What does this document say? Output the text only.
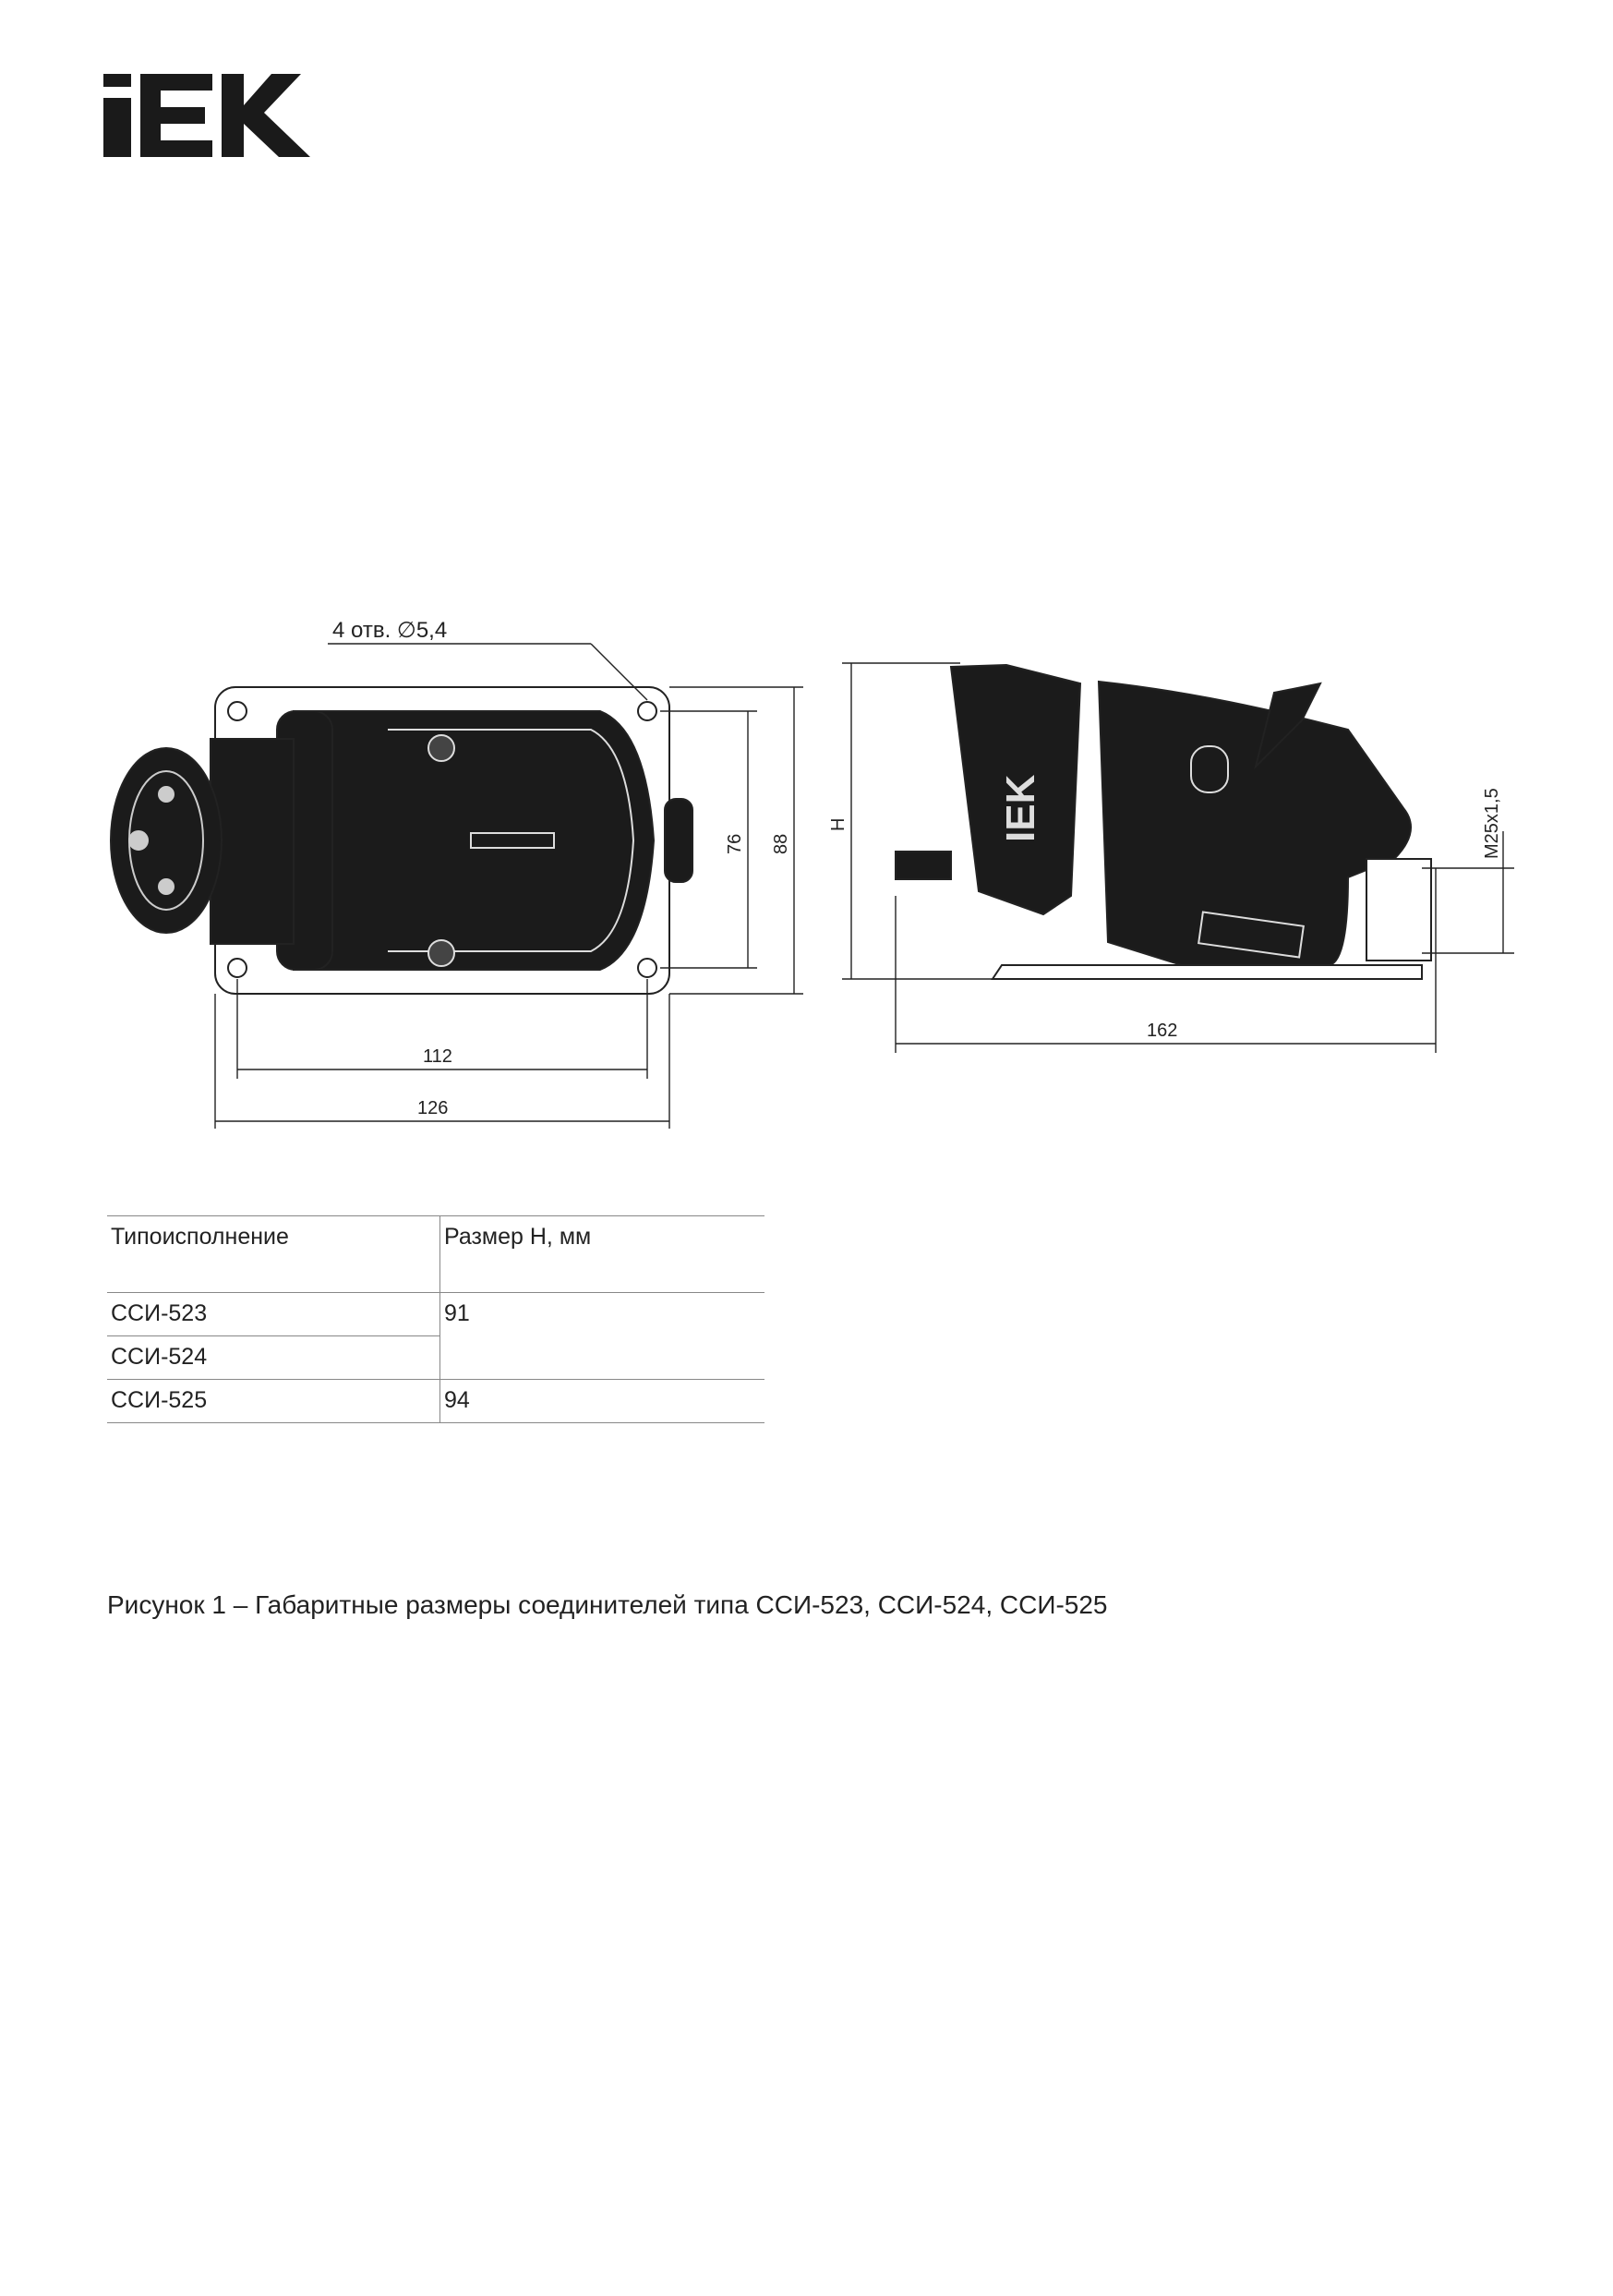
4 отв. ∅5,4
112
126
76 88
IEK
H	M25x1,5
162
Типоисполнение	Размер H, мм
ССИ-523	91
ССИ-524	
ССИ-525	94
Рисунок 1 – Габаритные размеры соединителей типа ССИ-523, ССИ-524, ССИ-525
